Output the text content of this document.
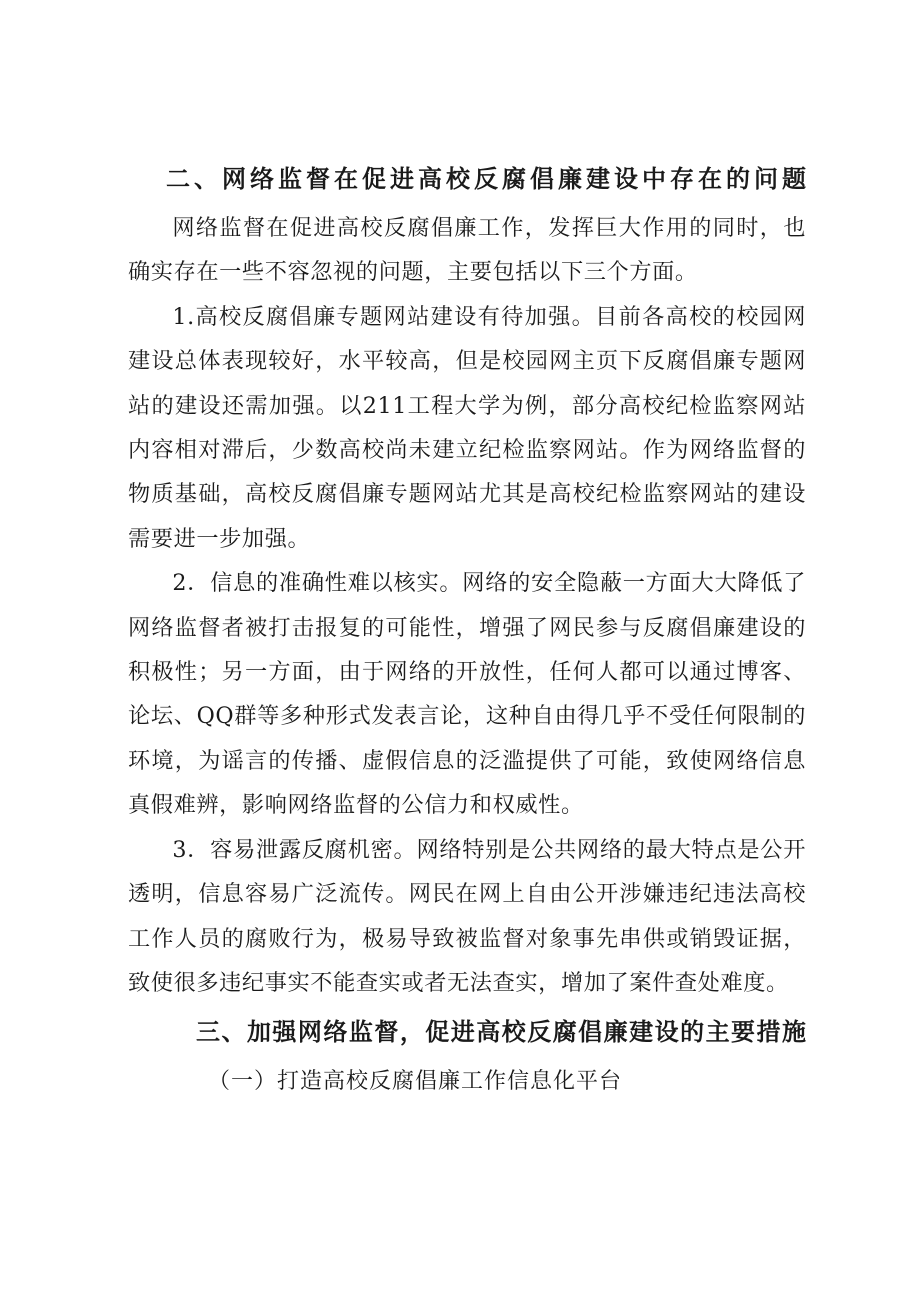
二、网络监督在促进高校反腐倡廉建设中存在的问题

网络监督在促进高校反腐倡廉工作，发挥巨大作用的同时，也确实存在一些不容忽视的问题，主要包括以下三个方面。

1.高校反腐倡廉专题网站建设有待加强。目前各高校的校园网建设总体表现较好，水平较高，但是校园网主页下反腐倡廉专题网站的建设还需加强。以211工程大学为例，部分高校纪检监察网站内容相对滞后，少数高校尚未建立纪检监察网站。作为网络监督的物质基础，高校反腐倡廉专题网站尤其是高校纪检监察网站的建设需要进一步加强。

2．信息的准确性难以核实。网络的安全隐蔽一方面大大降低了网络监督者被打击报复的可能性，增强了网民参与反腐倡廉建设的积极性；另一方面，由于网络的开放性，任何人都可以通过博客、论坛、QQ群等多种形式发表言论，这种自由得几乎不受任何限制的环境，为谣言的传播、虚假信息的泛滥提供了可能，致使网络信息真假难辨，影响网络监督的公信力和权威性。

3．容易泄露反腐机密。网络特别是公共网络的最大特点是公开透明，信息容易广泛流传。网民在网上自由公开涉嫌违纪违法高校工作人员的腐败行为，极易导致被监督对象事先串供或销毁证据，致使很多违纪事实不能查实或者无法查实，增加了案件查处难度。

三、加强网络监督，促进高校反腐倡廉建设的主要措施

（一）打造高校反腐倡廉工作信息化平台
